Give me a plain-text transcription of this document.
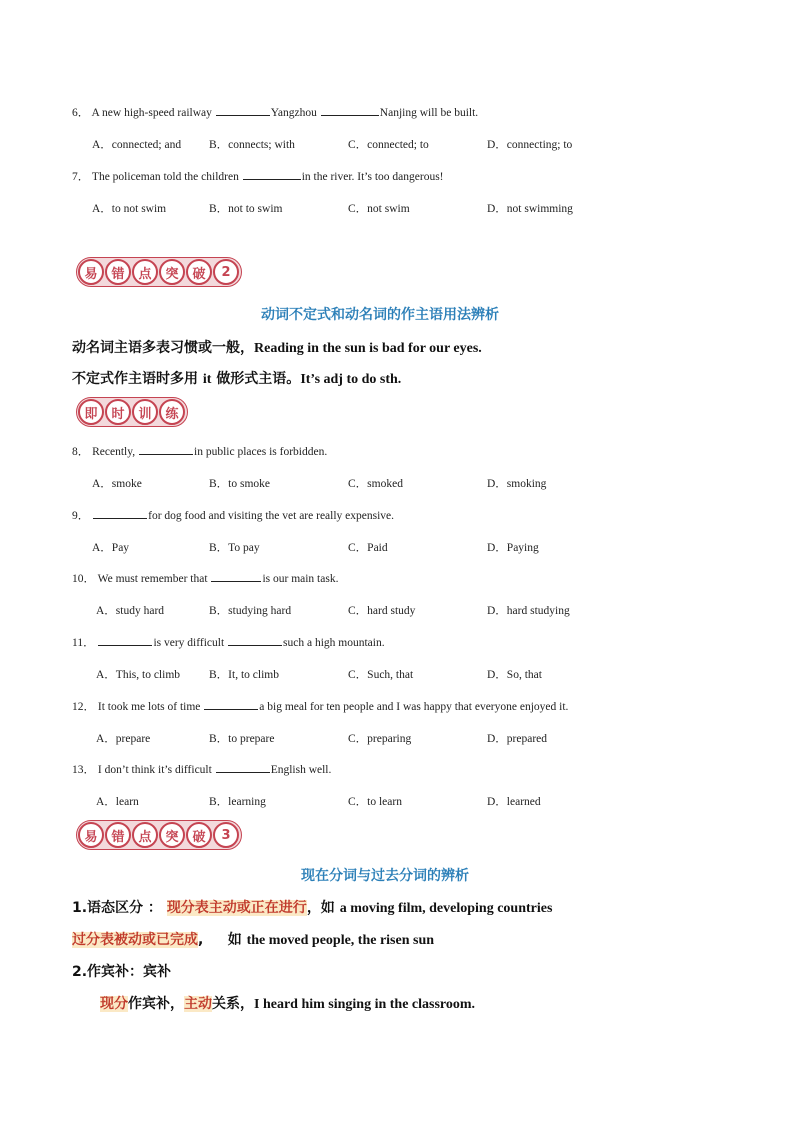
6． A new high-speed railway	Yangzhou	Nanjing will be built.
A．connected; and B．connects; with	C．connected; to	D．connecting; to
7． The policeman told the children	in the river. It’s too dangerous!
A．to not swim	B．not to swim	C．not swim	D．not swimming
易	错	点	突	破	2
动词不定式和动名词的作主语用法辨析
动名词主语多表习惯或一般，Reading in the sun is bad for our eyes.
不定式作主语时多用 it 做形式主语。It’s adj to do sth.
即	时	训	练
8． Recently,	in public places is forbidden.
A．smoke	B．to smoke	C．smoked	D．smoking
9．	for dog food and visiting the vet are really expensive.
A．Pay	B．To pay	C．Paid	D．Paying
10． We must remember that	is our main task.
A．study hard	B．studying hard	C．hard study	D．hard studying
11．	is very difficult	such a high mountain.
A．This, to climb	B．It, to climb	C．Such, that	D．So, that
12． It took me lots of time	a big meal for ten people and I was happy that everyone enjoyed it.
A．prepare	B．to prepare	C．preparing	D．prepared
13． I don’t think it’s difficult	English well.
A．learn	B．learning	C．to learn	D．learned
易	错	点	突	破	3
现在分词与过去分词的辨析
1.语态区分 ： 现分表主动或正在进行，如 a moving film, developing countries
过分表被动或已完成,     如 the moved people, the risen sun
2.作宾补：宾补
现分作宾补，主动关系，I heard him singing in the classroom.
